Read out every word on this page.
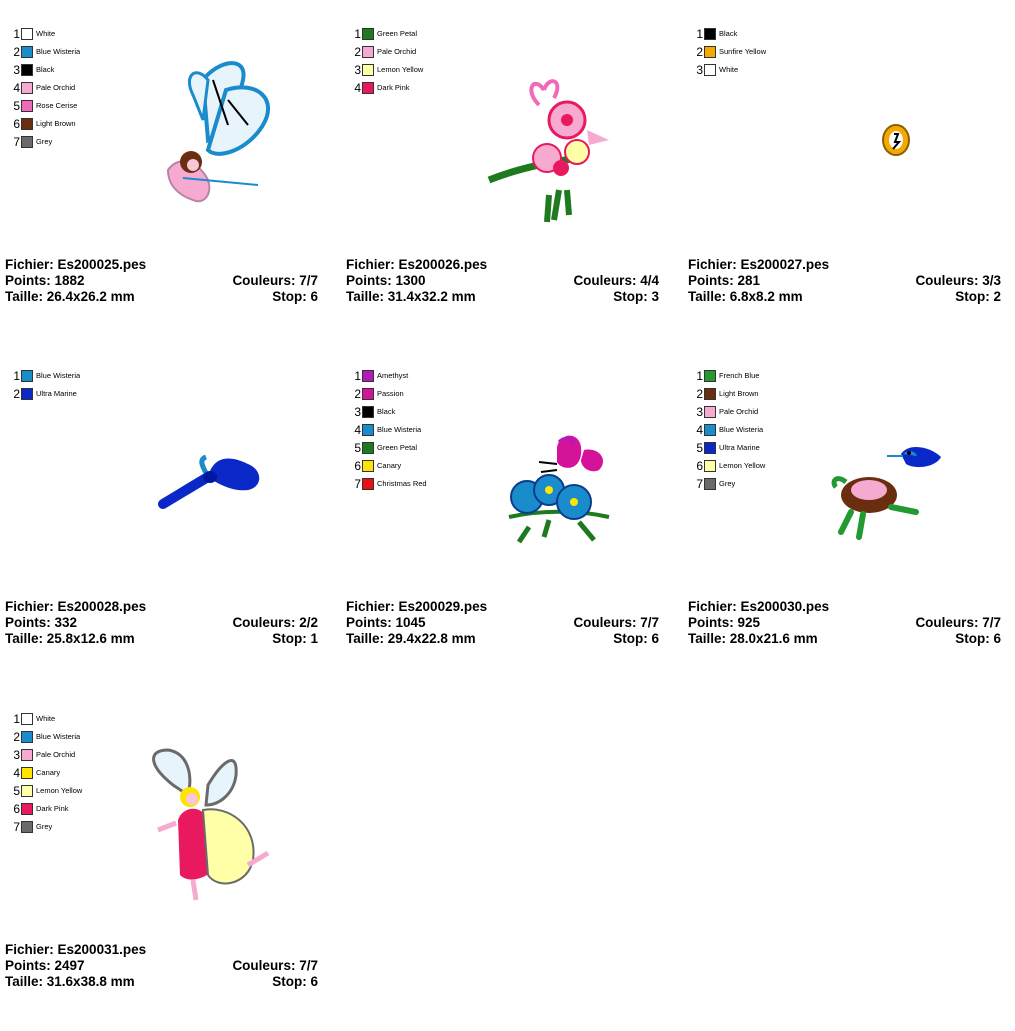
1 White
2 Blue Wisteria
3 Black
4 Pale Orchid
5 Rose Cerise
6 Light Brown
7 Grey
Fichier: Es200025.pes
Points: 1882	Couleurs: 7/7
Taille: 26.4x26.2 mm	Stop: 6
1 Green Petal
2 Pale Orchid
3 Lemon Yellow
4 Dark Pink
Fichier: Es200026.pes
Points: 1300	Couleurs: 4/4
Taille: 31.4x32.2 mm	Stop: 3
1 Black
2 Sunfire Yellow
3 White
Fichier: Es200027.pes
Points: 281	Couleurs: 3/3
Taille: 6.8x8.2 mm	Stop: 2
1 Blue Wisteria
2 Ultra Marine
Fichier: Es200028.pes
Points: 332	Couleurs: 2/2
Taille: 25.8x12.6 mm	Stop: 1
1 Amethyst
2 Passion
3 Black
4 Blue Wisteria
5 Green Petal
6 Canary
7 Christmas Red
Fichier: Es200029.pes
Points: 1045	Couleurs: 7/7
Taille: 29.4x22.8 mm	Stop: 6
1 French Blue
2 Light Brown
3 Pale Orchid
4 Blue Wisteria
5 Ultra Marine
6 Lemon Yellow
7 Grey
Fichier: Es200030.pes
Points: 925	Couleurs: 7/7
Taille: 28.0x21.6 mm	Stop: 6
1 White
2 Blue Wisteria
3 Pale Orchid
4 Canary
5 Lemon Yellow
6 Dark Pink
7 Grey
Fichier: Es200031.pes
Points: 2497	Couleurs: 7/7
Taille: 31.6x38.8 mm	Stop: 6
